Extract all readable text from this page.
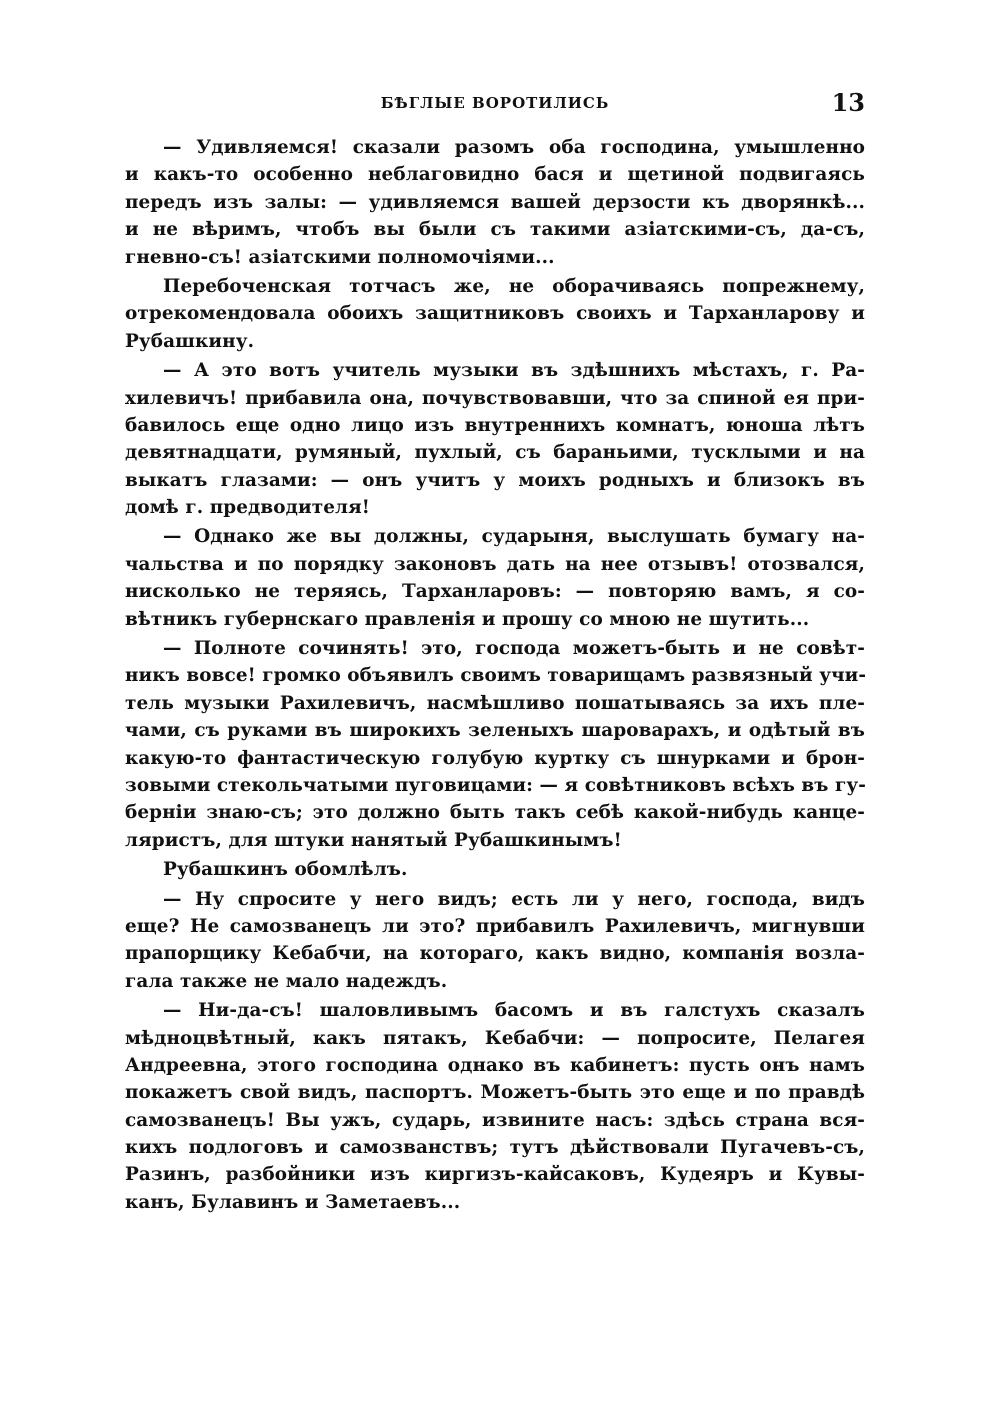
БѢГЛЫЕ ВОРОТИЛИСЬ	13
— Удивляемся! сказали разомъ оба господина, умышленно
и какъ-то особенно неблаговидно бася и щетиной подвигаясь
передъ изъ залы: — удивляемся вашей дерзости къ дворянкѣ...
и не вѣримъ, чтобъ вы были съ такими азіатскими-съ, да-съ,
гневно-съ! азіатскими полномочіями...
Перебоченская тотчасъ же, не оборачиваясь попрежнему,
отрекомендовала обоихъ защитниковъ своихъ и Тарханларову и
Рубашкину.
— А это вотъ учитель музыки въ здѣшнихъ мѣстахъ, г. Ра-
хилевичъ! прибавила она, почувствовавши, что за спиной ея при-
бавилось еще одно лицо изъ внутреннихъ комнатъ, юноша лѣтъ
девятнадцати, румяный, пухлый, съ бараньими, тусклыми и на
выкатъ глазами: — онъ учитъ у моихъ родныхъ и близокъ въ
домѣ г. предводителя!
— Однако же вы должны, сударыня, выслушать бумагу на-
чальства и по порядку законовъ дать на нее отзывъ! отозвался,
нисколько не теряясь, Тарханларовъ: — повторяю вамъ, я со-
вѣтникъ губернскаго правленія и прошу со мною не шутить...
— Полноте сочинять! это, господа можетъ-быть и не совѣт-
никъ вовсе! громко объявилъ своимъ товарищамъ развязный учи-
тель музыки Рахилевичъ, насмѣшливо пошатываясь за ихъ пле-
чами, съ руками въ широкихъ зеленыхъ шароварахъ, и одѣтый въ
какую-то фантастическую голубую куртку съ шнурками и брон-
зовыми стекольчатыми пуговицами: — я совѣтниковъ всѣхъ въ гу-
берніи знаю-съ; это должно быть такъ себѣ какой-нибудь канце-
ляристъ, для штуки нанятый Рубашкинымъ!
Рубашкинъ обомлѣлъ.
— Ну спросите у него видъ; есть ли у него, господа, видъ
еще? Не самозванецъ ли это? прибавилъ Рахилевичъ, мигнувши
прапорщику Кебабчи, на котораго, какъ видно, компанія возла-
гала также не мало надеждъ.
— Ни-да-съ! шаловливымъ басомъ и въ галстухъ сказалъ
мѣдноцвѣтный, какъ пятакъ, Кебабчи: — попросите, Пелагея
Андреевна, этого господина однако въ кабинетъ: пусть онъ намъ
покажетъ свой видъ, паспортъ. Можетъ-быть это еще и по правдѣ
самозванецъ! Вы ужъ, сударь, извините насъ: здѣсь страна вся-
кихъ подлоговъ и самозванствъ; тутъ дѣйствовали Пугачевъ-съ,
Разинъ, разбойники изъ киргизъ-кайсаковъ, Кудеяръ и Кувы-
канъ, Булавинъ и Заметаевъ...
